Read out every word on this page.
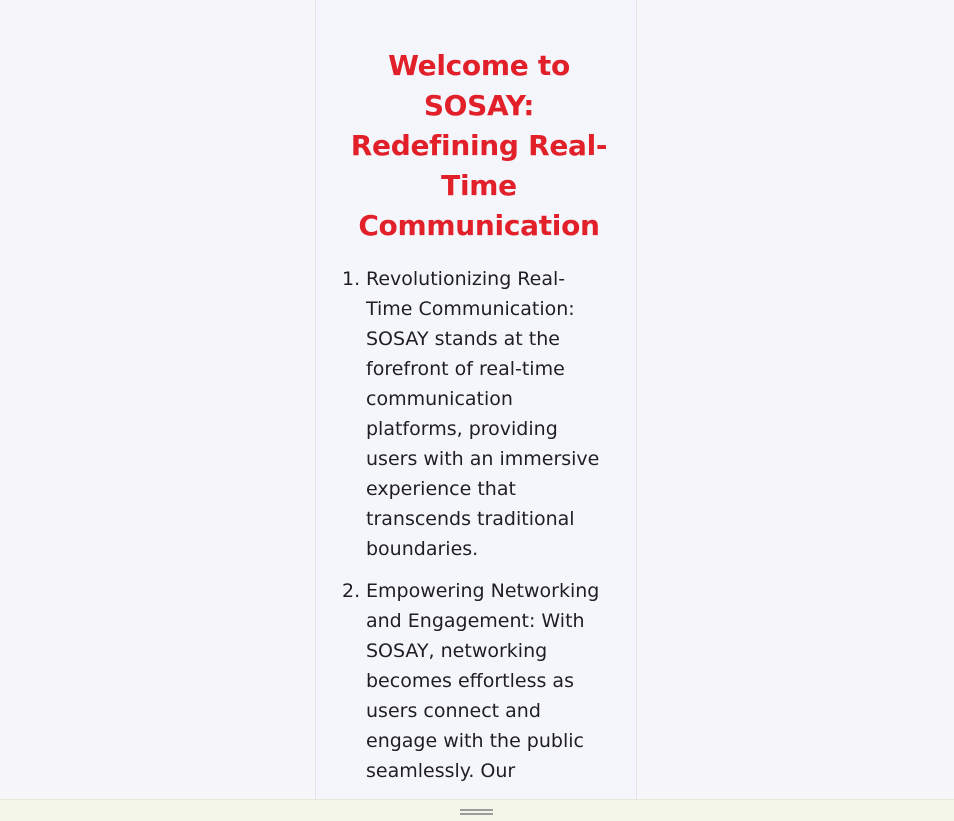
Welcome to SOSAY: Redefining Real-Time Communication
1. Revolutionizing Real-Time Communication: SOSAY stands at the forefront of real-time communication platforms, providing users with an immersive experience that transcends traditional boundaries.
2. Empowering Networking and Engagement: With SOSAY, networking becomes effortless as users connect and engage with the public seamlessly. Our
